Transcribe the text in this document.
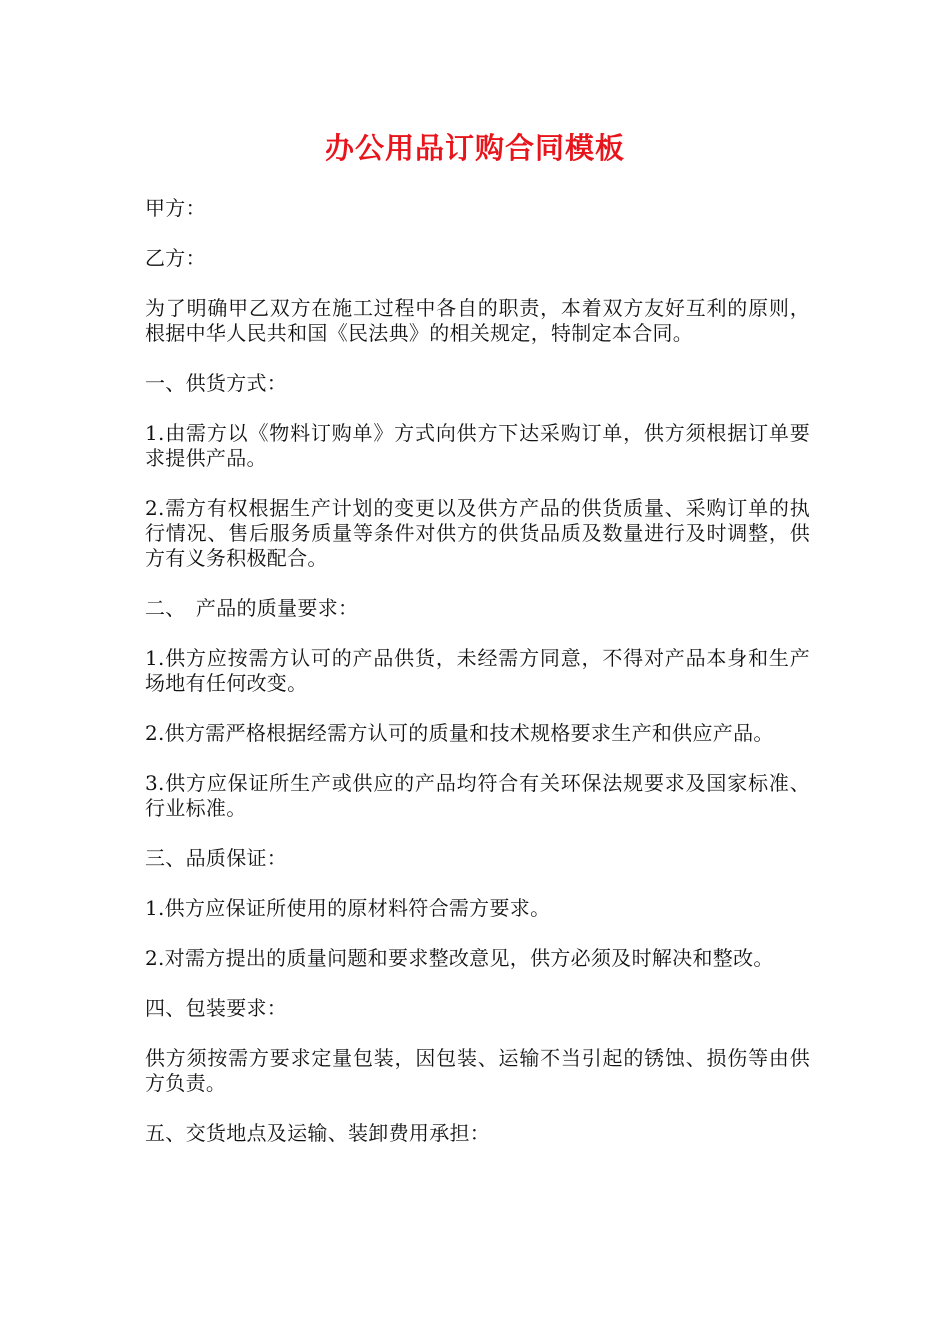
办公用品订购合同模板

甲方：

乙方：

为了明确甲乙双方在施工过程中各自的职责，本着双方友好互利的原则，根据中华人民共和国《民法典》的相关规定，特制定本合同。

一、供货方式：

1.由需方以《物料订购单》方式向供方下达采购订单，供方须根据订单要求提供产品。

2.需方有权根据生产计划的变更以及供方产品的供货质量、采购订单的执行情况、售后服务质量等条件对供方的供货品质及数量进行及时调整，供方有义务积极配合。

二、　产品的质量要求：

1.供方应按需方认可的产品供货，未经需方同意，不得对产品本身和生产场地有任何改变。

2.供方需严格根据经需方认可的质量和技术规格要求生产和供应产品。

3.供方应保证所生产或供应的产品均符合有关环保法规要求及国家标准、行业标准。

三、品质保证：

1.供方应保证所使用的原材料符合需方要求。

2.对需方提出的质量问题和要求整改意见，供方必须及时解决和整改。

四、包装要求：

供方须按需方要求定量包装，因包装、运输不当引起的锈蚀、损伤等由供方负责。

五、交货地点及运输、装卸费用承担：
